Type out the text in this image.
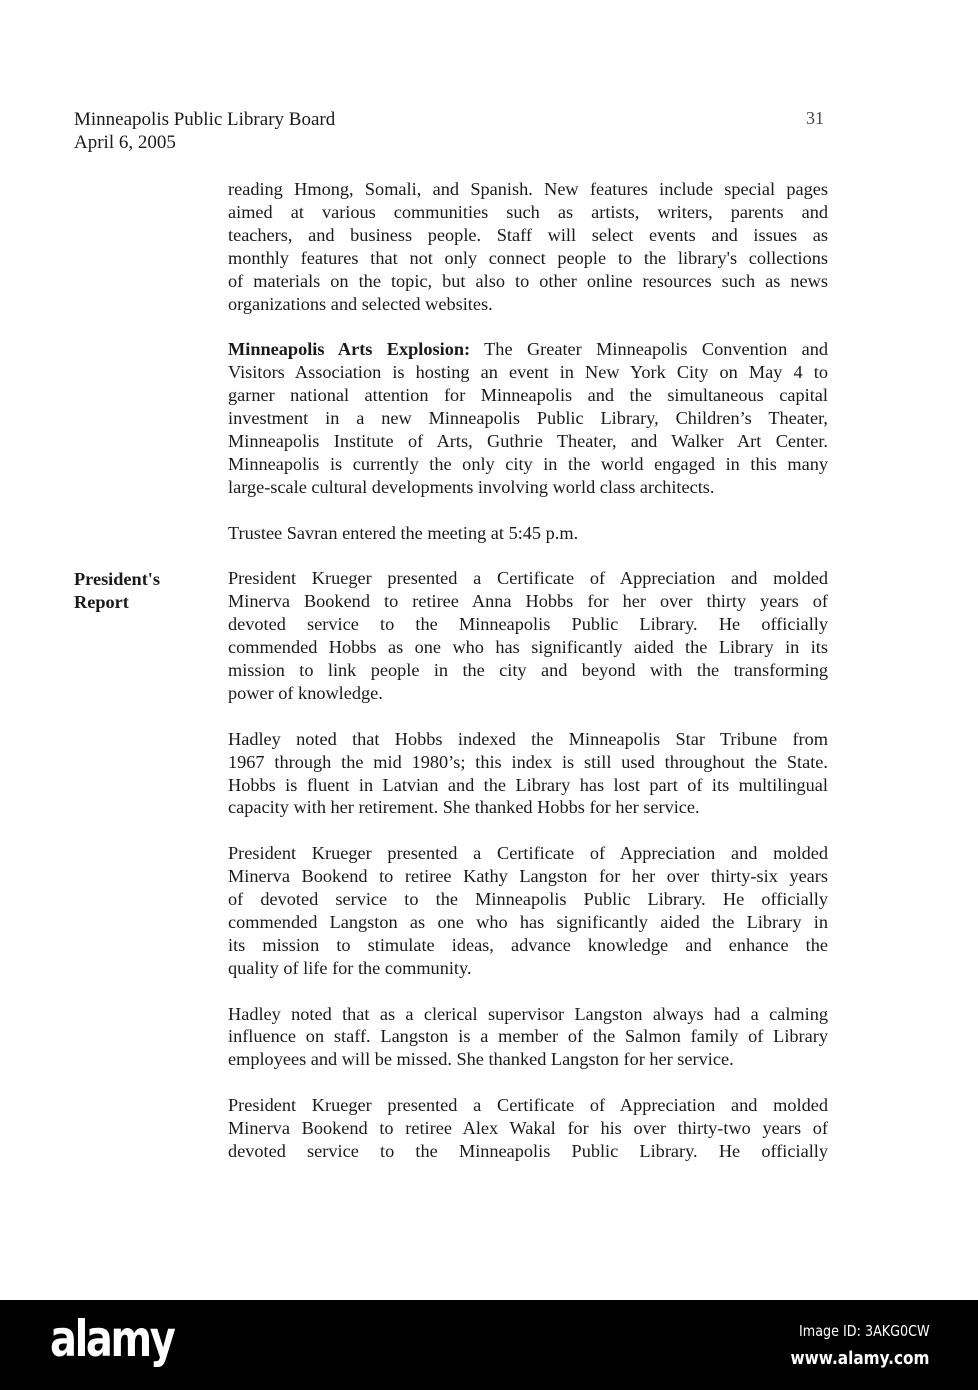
Minneapolis Public Library Board
April 6, 2005
31
President's
Report
reading Hmong, Somali, and Spanish. New features include special pages
aimed at various communities such as artists, writers, parents and
teachers, and business people. Staff will select events and issues as
monthly features that not only connect people to the library's collections
of materials on the topic, but also to other online resources such as news
organizations and selected websites.
Minneapolis Arts Explosion: The Greater Minneapolis Convention and
Visitors Association is hosting an event in New York City on May 4 to
garner national attention for Minneapolis and the simultaneous capital
investment in a new Minneapolis Public Library, Children’s Theater,
Minneapolis Institute of Arts, Guthrie Theater, and Walker Art Center.
Minneapolis is currently the only city in the world engaged in this many
large-scale cultural developments involving world class architects.
Trustee Savran entered the meeting at 5:45 p.m.
President Krueger presented a Certificate of Appreciation and molded
Minerva Bookend to retiree Anna Hobbs for her over thirty years of
devoted service to the Minneapolis Public Library. He officially
commended Hobbs as one who has significantly aided the Library in its
mission to link people in the city and beyond with the transforming
power of knowledge.
Hadley noted that Hobbs indexed the Minneapolis Star Tribune from
1967 through the mid 1980’s; this index is still used throughout the State.
Hobbs is fluent in Latvian and the Library has lost part of its multilingual
capacity with her retirement. She thanked Hobbs for her service.
President Krueger presented a Certificate of Appreciation and molded
Minerva Bookend to retiree Kathy Langston for her over thirty-six years
of devoted service to the Minneapolis Public Library. He officially
commended Langston as one who has significantly aided the Library in
its mission to stimulate ideas, advance knowledge and enhance the
quality of life for the community.
Hadley noted that as a clerical supervisor Langston always had a calming
influence on staff. Langston is a member of the Salmon family of Library
employees and will be missed. She thanked Langston for her service.
President Krueger presented a Certificate of Appreciation and molded
Minerva Bookend to retiree Alex Wakal for his over thirty-two years of
devoted service to the Minneapolis Public Library. He officially
alamy	Image ID: 3AKG0CW
www.alamy.com
